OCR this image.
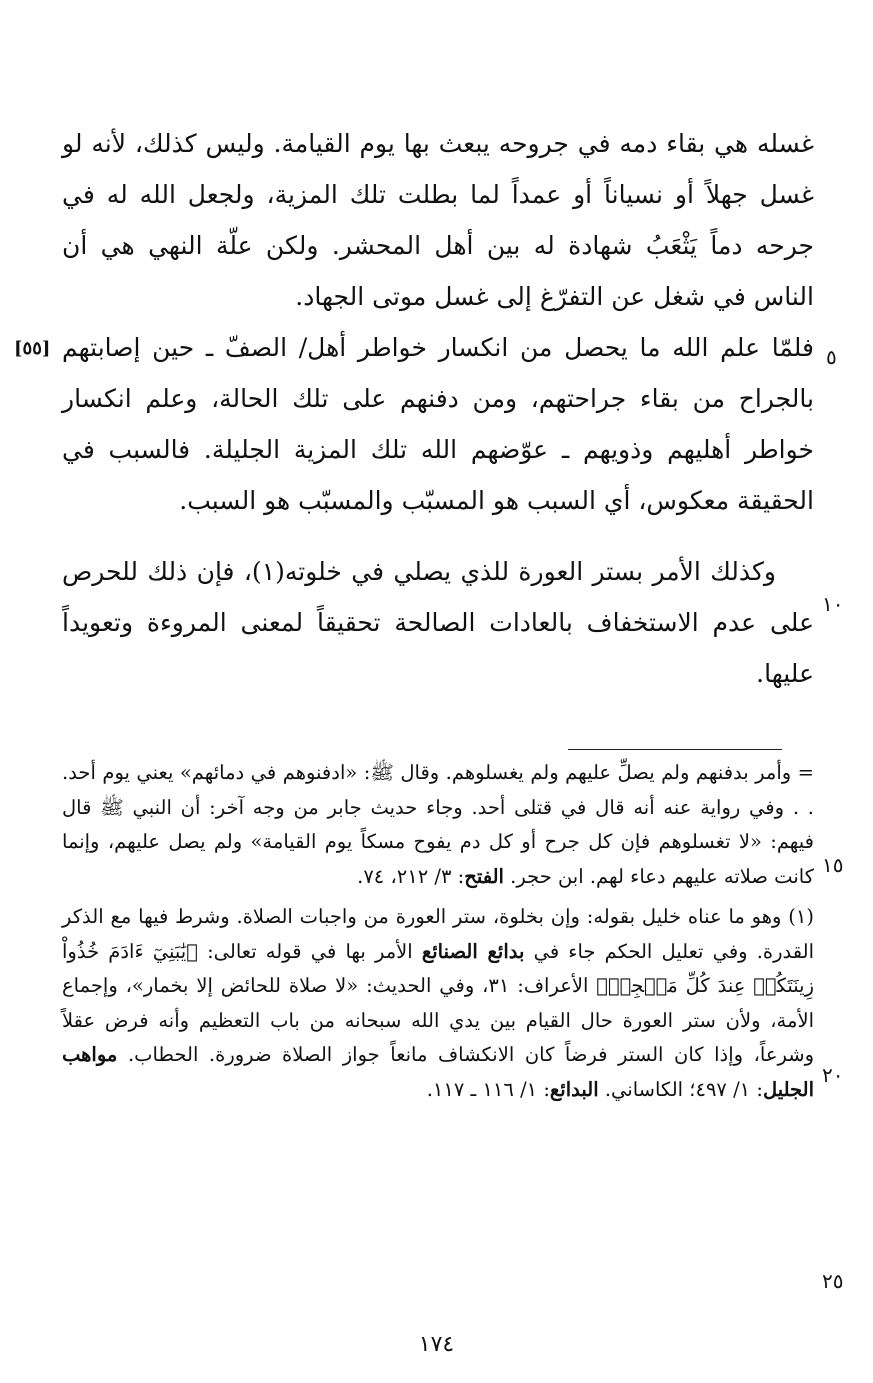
غسله هي بقاء دمه في جروحه يبعث بها يوم القيامة. وليس كذلك، لأنه لو غسل جهلاً أو نسياناً أو عمداً لما بطلت تلك المزية، ولجعل الله له في جرحه دماً يَثْعَبُ شهادة له بين أهل المحشر. ولكن علّة النهي هي أن الناس في شغل عن التفرّغ إلى غسل موتى الجهاد.

فلمّا علم الله ما يحصل من انكسار خواطر أهل/ الصفّ ـ حين إصابتهم بالجراح من بقاء جراحتهم، ومن دفنهم على تلك الحالة، وعلم انكسار خواطر أهليهم وذويهم ـ عوّضهم الله تلك المزية الجليلة. فالسبب في الحقيقة معكوس، أي السبب هو المسبّب والمسبّب هو السبب.

وكذلك الأمر بستر العورة للذي يصلي في خلوته(١)، فإن ذلك للحرص على عدم الاستخفاف بالعادات الصالحة تحقيقاً لمعنى المروءة وتعويداً عليها.

٥
[٥٥]
١٠

= وأمر بدفنهم ولم يصلِّ عليهم ولم يغسلوهم. وقال ﷺ: «ادفنوهم في دمائهم» يعني يوم أحد. . . وفي رواية عنه أنه قال في قتلى أحد. وجاء حديث جابر من وجه آخر: أن النبي ﷺ قال فيهم: «لا تغسلوهم فإن كل جرح أو كل دم يفوح مسكاً يوم القيامة» ولم يصل عليهم، وإنما كانت صلاته عليهم دعاء لهم. ابن حجر. الفتح: ٣/ ٢١٢، ٧٤.

(١) وهو ما عناه خليل بقوله: وإن بخلوة، ستر العورة من واجبات الصلاة. وشرط فيها مع الذكر القدرة. وفي تعليل الحكم جاء في بدائع الصنائع الأمر بها في قوله تعالى: ﴿يَٰبَنِيٓ ءَادَمَ خُذُواْ زِينَتَكُمۡ عِندَ كُلِّ مَسۡجِدٖ﴾ الأعراف: ٣١، وفي الحديث: «لا صلاة للحائض إلا بخمار»، وإجماع الأمة، ولأن ستر العورة حال القيام بين يدي الله سبحانه من باب التعظيم وأنه فرض عقلاً وشرعاً، وإذا كان الستر فرضاً كان الانكشاف مانعاً جواز الصلاة ضرورة. الحطاب. مواهب الجليل: ١/ ٤٩٧؛ الكاساني. البدائع: ١/ ١١٦ ـ ١١٧.

١٥
٢٠
٢٥
١٧٤
